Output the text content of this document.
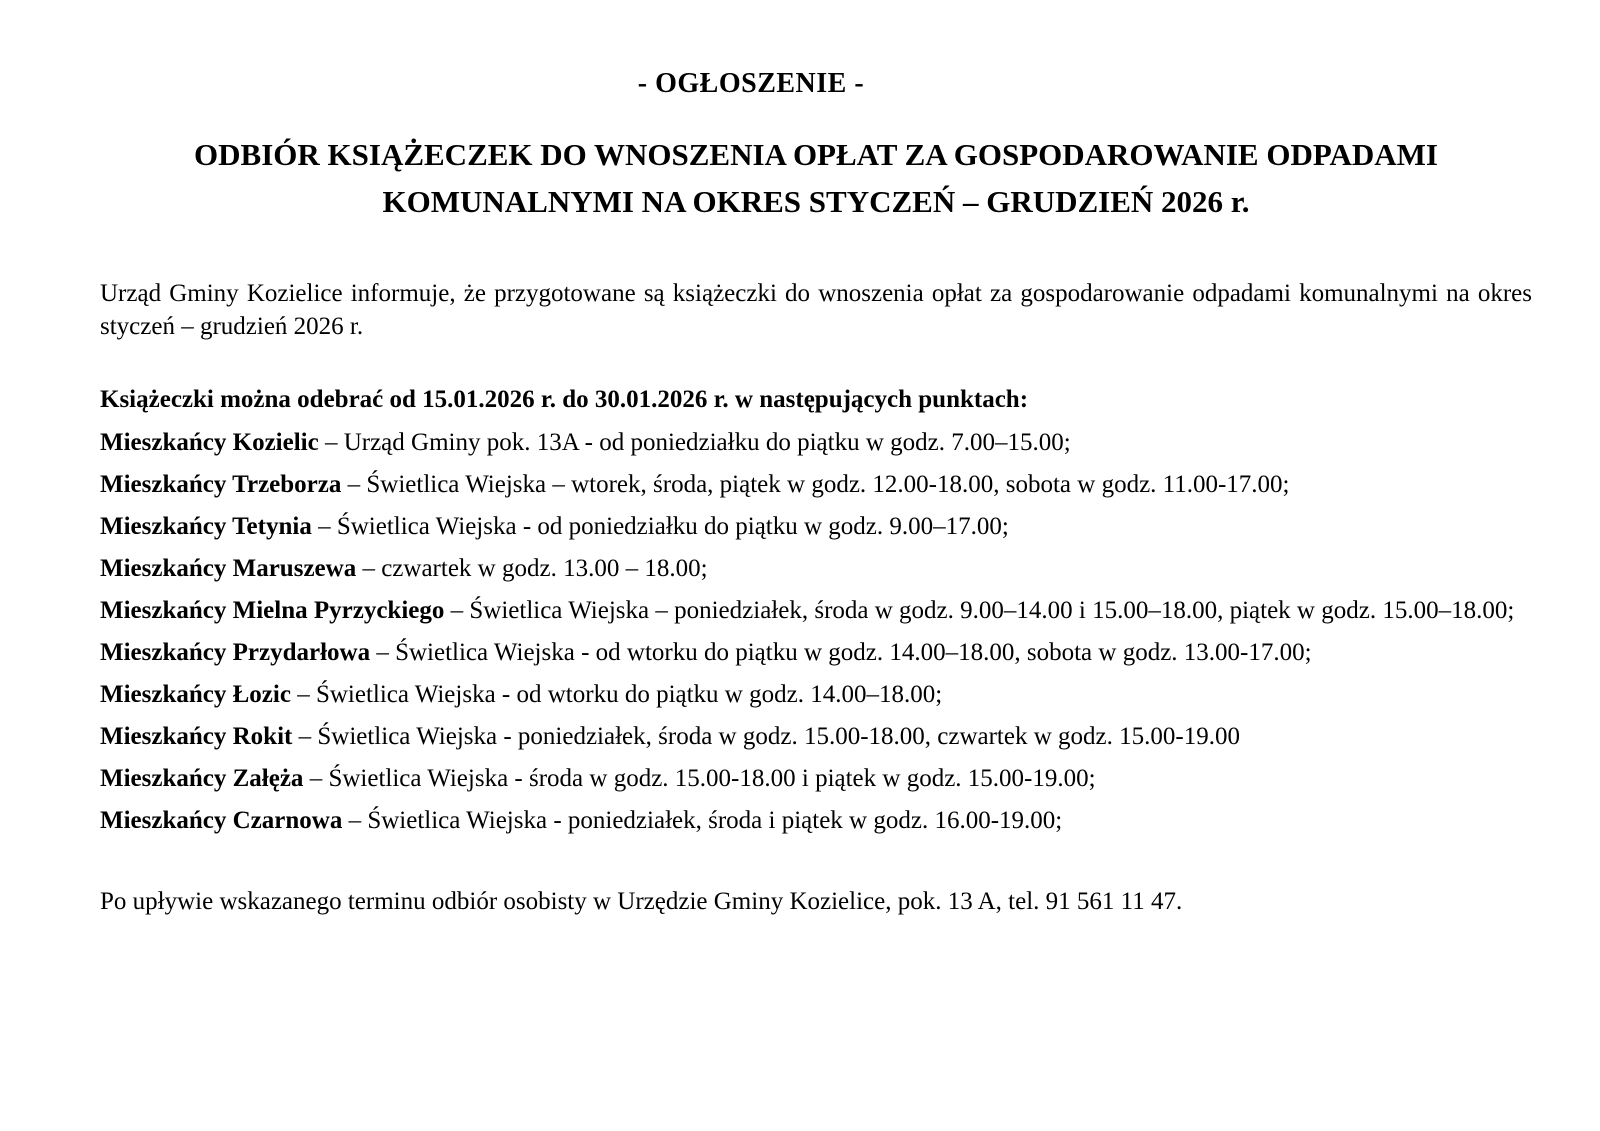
- OGŁOSZENIE -
ODBIÓR KSIĄŻECZEK DO WNOSZENIA OPŁAT ZA GOSPODAROWANIE ODPADAMI KOMUNALNYMI NA OKRES STYCZEŃ – GRUDZIEŃ 2026 r.

Urząd Gminy Kozielice informuje, że przygotowane są książeczki do wnoszenia opłat za gospodarowanie odpadami komunalnymi na okres styczeń – grudzień 2026 r.

Książeczki można odebrać od 15.01.2026 r. do 30.01.2026 r. w następujących punktach:

Mieszkańcy Kozielic – Urząd Gminy pok. 13A - od poniedziałku do piątku w godz. 7.00–15.00;

Mieszkańcy Trzeborza – Świetlica Wiejska – wtorek, środa, piątek w godz. 12.00-18.00, sobota w godz. 11.00-17.00;

Mieszkańcy Tetynia – Świetlica Wiejska - od poniedziałku do piątku w godz. 9.00–17.00;

Mieszkańcy Maruszewa – czwartek w godz. 13.00 – 18.00;

Mieszkańcy Mielna Pyrzyckiego – Świetlica Wiejska – poniedziałek, środa w godz. 9.00–14.00 i 15.00–18.00, piątek w godz. 15.00–18.00;

Mieszkańcy Przydarłowa – Świetlica Wiejska - od wtorku do piątku w godz. 14.00–18.00, sobota w godz. 13.00-17.00;

Mieszkańcy Łozic – Świetlica Wiejska - od wtorku do piątku w godz. 14.00–18.00;

Mieszkańcy Rokit – Świetlica Wiejska - poniedziałek, środa w godz. 15.00-18.00, czwartek w godz. 15.00-19.00

Mieszkańcy Załęża – Świetlica Wiejska - środa w godz. 15.00-18.00 i piątek w godz. 15.00-19.00;

Mieszkańcy Czarnowa – Świetlica Wiejska - poniedziałek, środa i piątek w godz. 16.00-19.00;

Po upływie wskazanego terminu odbiór osobisty w Urzędzie Gminy Kozielice, pok. 13 A, tel. 91 561 11 47.
